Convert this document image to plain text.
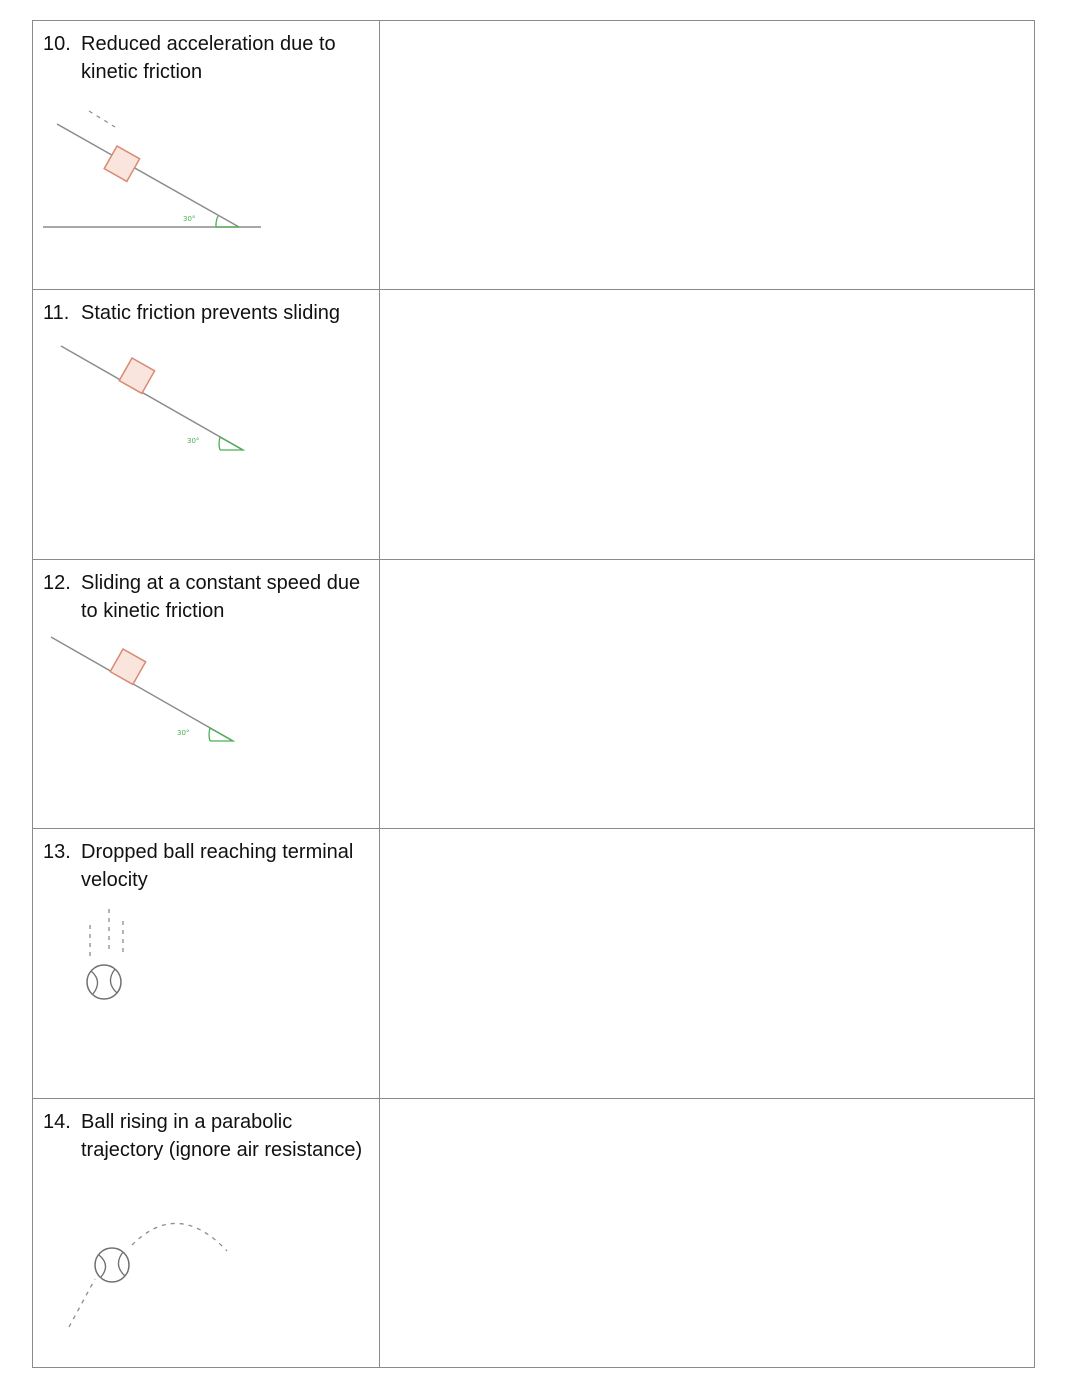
10. Reduced acceleration due to kinetic friction
30°	

11. Static friction prevents sliding
30°	

12. Sliding at a constant speed due to kinetic friction
30°	

13. Dropped ball reaching terminal velocity	

14. Ball rising in a parabolic trajectory (ignore air resistance)	
